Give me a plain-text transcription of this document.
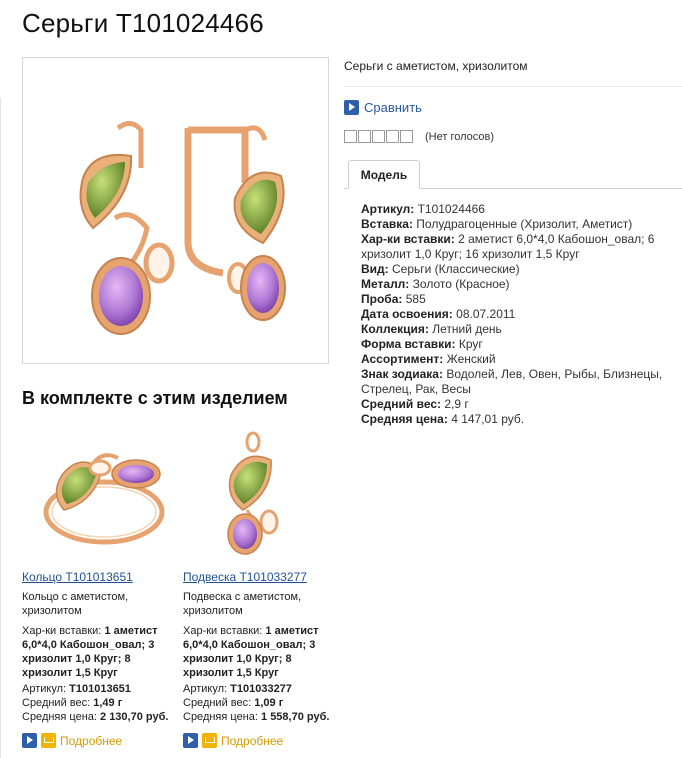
Серьги Т101024466
Серьги с аметистом, хризолитом
Сравнить
(Нет голосов)
Модель
Артикул: Т101024466
Вставка: Полудрагоценные (Хризолит, Аметист)
Хар-ки вставки: 2 аметист 6,0*4,0 Кабошон_овал; 6 хризолит 1,0 Круг; 16 хризолит 1,5 Круг
Вид: Серьги (Классические)
Металл: Золото (Красное)
Проба: 585
Дата освоения: 08.07.2011
Коллекция: Летний день
Форма вставки: Круг
Ассортимент: Женский
Знак зодиака: Водолей, Лев, Овен, Рыбы, Близнецы, Стрелец, Рак, Весы
Средний вес: 2,9 г
Средняя цена: 4 147,01 руб.
В комплекте с этим изделием
Кольцо Т101013651
Кольцо с аметистом, хризолитом
Хар-ки вставки: 1 аметист 6,0*4,0 Кабошон_овал; 3 хризолит 1,0 Круг; 8 хризолит 1,5 Круг
Артикул: Т101013651
Средний вес: 1,49 г
Средняя цена: 2 130,70 руб.
Подробнее
Подвеска Т101033277
Подвеска с аметистом, хризолитом
Хар-ки вставки: 1 аметист 6,0*4,0 Кабошон_овал; 3 хризолит 1,0 Круг; 8 хризолит 1,5 Круг
Артикул: Т101033277
Средний вес: 1,09 г
Средняя цена: 1 558,70 руб.
Подробнее
